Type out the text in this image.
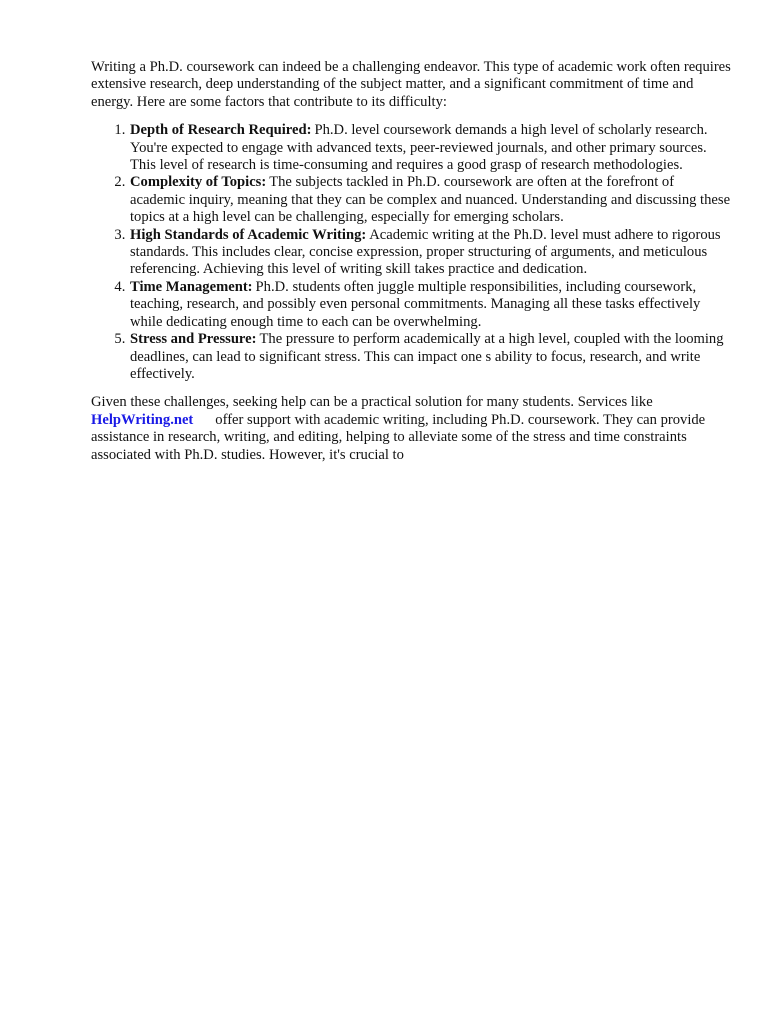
Writing a Ph.D. coursework can indeed be a challenging endeavor. This type of academic work often requires extensive research, deep understanding of the subject matter, and a significant commitment of time and energy. Here are some factors that contribute to its difficulty:

1. Depth of Research Required: Ph.D. level coursework demands a high level of scholarly research. You're expected to engage with advanced texts, peer-reviewed journals, and other primary sources. This level of research is time-consuming and requires a good grasp of research methodologies.
2. Complexity of Topics: The subjects tackled in Ph.D. coursework are often at the forefront of academic inquiry, meaning that they can be complex and nuanced. Understanding and discussing these topics at a high level can be challenging, especially for emerging scholars.
3. High Standards of Academic Writing: Academic writing at the Ph.D. level must adhere to rigorous standards. This includes clear, concise expression, proper structuring of arguments, and meticulous referencing. Achieving this level of writing skill takes practice and dedication.
4. Time Management: Ph.D. students often juggle multiple responsibilities, including coursework, teaching, research, and possibly even personal commitments. Managing all these tasks effectively while dedicating enough time to each can be overwhelming.
5. Stress and Pressure: The pressure to perform academically at a high level, coupled with the looming deadlines, can lead to significant stress. This can impact one s ability to focus, research, and write effectively.

Given these challenges, seeking help can be a practical solution for many students. Services like HelpWriting.net offer support with academic writing, including Ph.D. coursework. They can provide assistance in research, writing, and editing, helping to alleviate some of the stress and time constraints associated with Ph.D. studies. However, it's crucial to
